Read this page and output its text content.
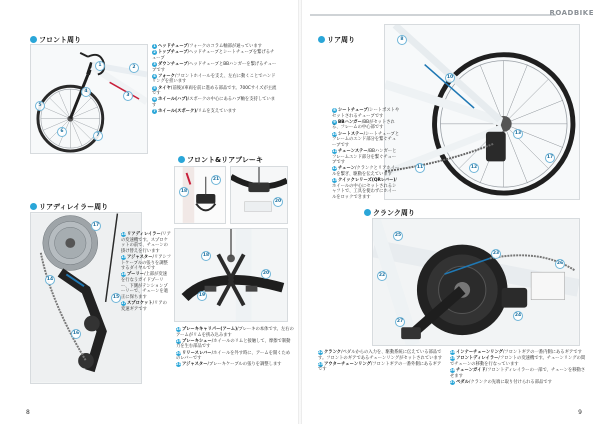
フロント周り
1	2
3
4
5
6
7
1 ヘッドチューブ/フォークのコラム軸部が通っています
2 トップチューブ/ヘッドチューブとシートチューブを繋げるチューブ
3 ダウンチューブ/ヘッドチューブとBBハンガーを繋げるチューブです
4 フォーク/フロントホイールを支え、左右に動くことでハンドリングを担います
5 タイヤ(前後)/車両を前に進める部品です。700Cサイズが主流です
6 ホイール(ハブ)/スポークの中心にあるハブ軸を支持しています
7 ホイール(スポーク)/リムを支えています
フロント&リアブレーキ
18
21
20
18
19
20
18ブレーキキャリパー(アーム)/ブレーキの本体です。左右のアームがリムを挟み込みます
19ブレーキシュー/ホイールのリムと接触して、摩擦で制動力を生む部品です
20リリースレバー/ホイールを外す時に、アームを開くためのレバーです
21アジャスター/ブレーキケーブルの張りを調整します
リアディレイラー周り
17
14
15
16
14リアディレイラー/リアの変速機です。スプロケットの前で、チェーンの掛け替えを行います
15アジャスター/リアシフトケーブルの張りを調整するダイヤルです
16プーリー/上部が変速を行なうガイドプーリー、下側がテンションプーリーで、チェーンを適正に保ちます
17スプロケット/リアの変速ギアです
8
ROADBIKE
リア周り	8
10
11	12
13
17
8 シートチューブ/シートポストやセットされるチューブです
9 BBハンガー/BBがセットされる、フレームの中心部です
10シートステー/シートチューブとフレームのエンド部分を繋ぐチューブです
11チェーンステー/BBハンガーとフレームエンド部分を繋ぐチューブです
12チェーン/クランクとリアホイールを繋ぎ、駆動を伝えています
13クイックレリーズ(QRレバー)/ホイールの中心にセットされるシャフトで、工具を使わずにホイールをロックできます
クランク周り
25
22
23
24
26
27
22クランク/ペダルからの入力を、駆動系統に伝えている部品です。フロントのギアであるチェーンリングがセットされています
23アウターチェーンリング/フロントギアの一番外側にあるギアです
24インナーチェーンリング/フロントギアの一番内側にあるギアです
25フロントディレイラー/フロントの変速機です。チェーンリングの間でチェーンの移動を行なっています
26チェーンガイド/フロントディレイラーの一部で、チェーンを移動させます
27ペダル/クランクの先端に取り付けられる部品です
9
